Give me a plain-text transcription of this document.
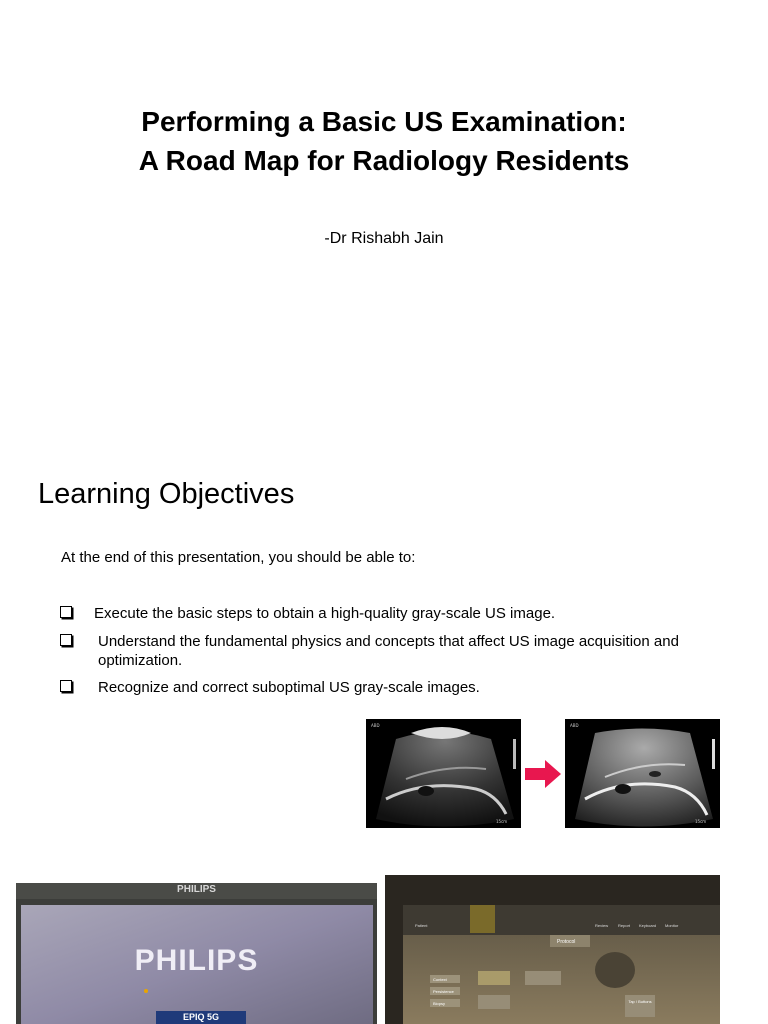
Performing a Basic US Examination:
A Road Map for Radiology Residents
-Dr Rishabh Jain
Learning Objectives
At the end of this presentation, you should be able to:
Execute the basic steps to obtain a high-quality gray-scale US image.
Understand the fundamental physics and concepts that affect US image acquisition and optimization.
Recognize and correct suboptimal US gray-scale images.
ABD
15cm
ABD
15cm
PHILIPS
PHILIPS
EPIQ 5G
Patient	Review Report Keyboard Monitor
Protocol
Context
Persistence
Biopsy	Tap / Buttons
